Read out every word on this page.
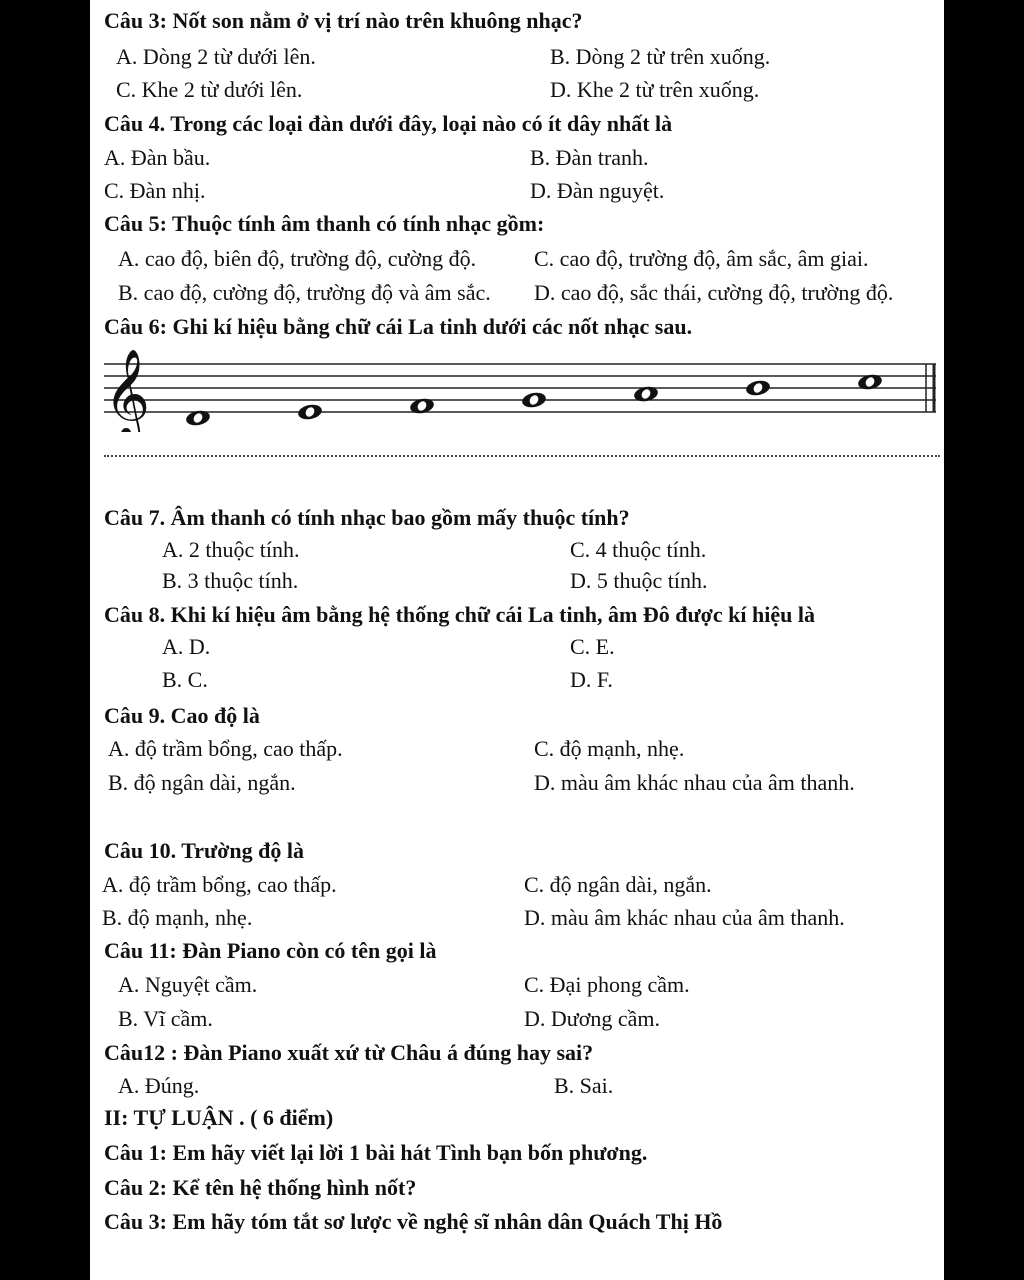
Câu 3: Nốt son nằm ở vị trí nào trên khuông nhạc?
A. Dòng 2 từ dưới lên.	B. Dòng 2 từ trên xuống.
C. Khe 2 từ dưới lên.	D. Khe 2 từ trên xuống.
Câu 4. Trong các loại đàn dưới đây, loại nào có ít dây nhất là
A. Đàn bầu.	B. Đàn tranh.
C. Đàn nhị.	D. Đàn nguyệt.
Câu 5: Thuộc tính âm thanh có tính nhạc gồm:
A. cao độ, biên độ, trường độ, cường độ.	C. cao độ, trường độ, âm sắc, âm giai.
B. cao độ, cường độ, trường độ và âm sắc. D. cao độ, sắc thái, cường độ, trường độ.
Câu 6: Ghi kí hiệu bằng chữ cái La tinh dưới các nốt nhạc sau.
𝄞
Câu 7. Âm thanh có tính nhạc bao gồm mấy thuộc tính?
A. 2 thuộc tính.	C. 4 thuộc tính.
B. 3 thuộc tính.	D. 5 thuộc tính.
Câu 8. Khi kí hiệu âm bằng hệ thống chữ cái La tinh, âm Đô được kí hiệu là
A. D.	C. E.
B. C.	D. F.
Câu 9. Cao độ là
A. độ trầm bổng, cao thấp.	C. độ mạnh, nhẹ.
B. độ ngân dài, ngắn.	D. màu âm khác nhau của âm thanh.
Câu 10. Trường độ là
A. độ trầm bổng, cao thấp.	C. độ ngân dài, ngắn.
B. độ mạnh, nhẹ.	D. màu âm khác nhau của âm thanh.
Câu 11: Đàn Piano còn có tên gọi là
A. Nguyệt cầm.	C. Đại phong cầm.
B. Vĩ cầm.	D. Dương cầm.
Câu12 : Đàn Piano xuất xứ từ Châu á đúng hay sai?
A. Đúng.	B. Sai.
II: TỰ LUẬN . ( 6 điểm)
Câu 1: Em hãy viết lại lời 1 bài hát Tình bạn bốn phương.
Câu 2: Kể tên hệ thống hình nốt?
Câu 3: Em hãy tóm tắt sơ lược về nghệ sĩ nhân dân Quách Thị Hồ
